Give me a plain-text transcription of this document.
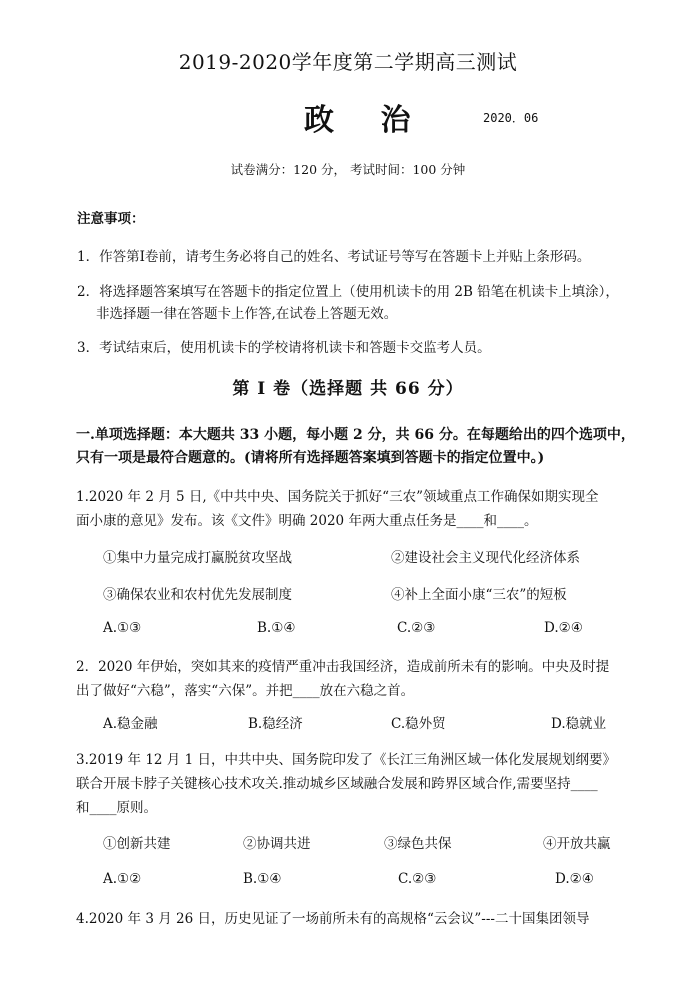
2019-2020学年度第二学期高三测试
政 治	2020．06
试卷满分：120 分， 考试时间：100 分钟
注意事项：
1．作答第Ⅰ卷前，请考生务必将自己的姓名、考试证号等写在答题卡上并贴上条形码。
2．将选择题答案填写在答题卡的指定位置上（使用机读卡的用 2B 铅笔在机读卡上填涂），
非选择题一律在答题卡上作答,在试卷上答题无效。
3．考试结束后，使用机读卡的学校请将机读卡和答题卡交监考人员。
第 Ⅰ 卷（选择题 共 66 分）
一.单项选择题：本大题共 33 小题，每小题 2 分，共 66 分。在每题给出的四个选项中，
只有一项是最符合题意的。(请将所有选择题答案填到答题卡的指定位置中。)
1.2020 年 2 月 5 日,《中共中央、国务院关于抓好“三农”领域重点工作确保如期实现全
面小康的意见》发布。该《文件》明确 2020 年两大重点任务是____和____。
①集中力量完成打赢脱贫攻坚战	②建设社会主义现代化经济体系
③确保农业和农村优先发展制度	④补上全面小康“三农”的短板
A.①③	B.①④	C.②③	D.②④
2．2020 年伊始，突如其来的疫情严重冲击我国经济，造成前所未有的影响。中央及时提
出了做好“六稳”，落实“六保”。并把____放在六稳之首。
A.稳金融	B.稳经济	C.稳外贸	D.稳就业
3.2019 年 12 月 1 日，中共中央、国务院印发了《长江三角洲区域一体化发展规划纲要》
联合开展卡脖子关键核心技术攻关.推动城乡区域融合发展和跨界区域合作,需要坚持____
和____原则。
①创新共建	②协调共进	③绿色共保	④开放共赢
A.①②	B.①④	C.②③	D.②④
4.2020 年 3 月 26 日，历史见证了一场前所未有的高规格“云会议”---二十国集团领导
